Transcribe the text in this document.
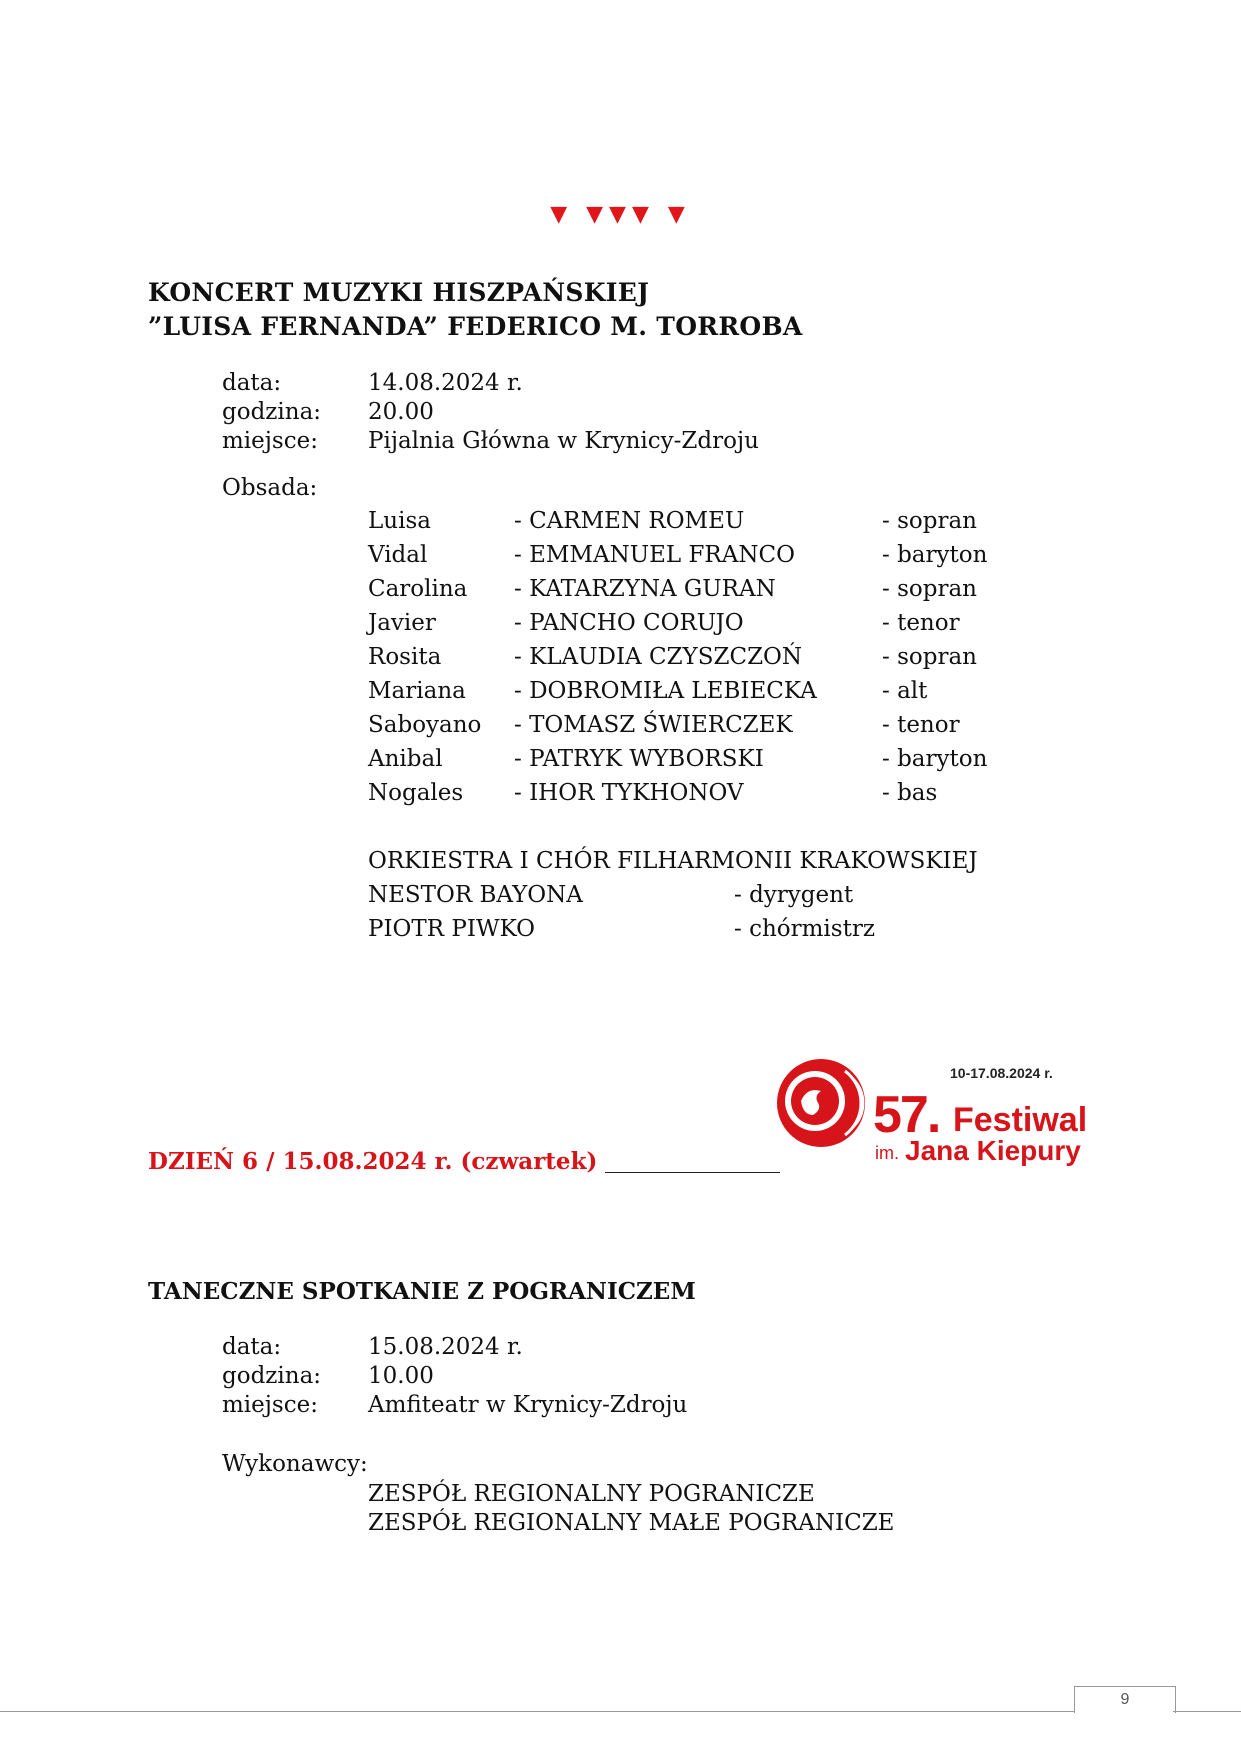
▼ ▼▼▼ ▼
KONCERT MUZYKI HISZPAŃSKIEJ
”LUISA FERNANDA” FEDERICO M. TORROBA
data:	14.08.2024 r.
godzina: 20.00
miejsce: Pijalnia Główna w Krynicy-Zdroju
Obsada:
Luisa	- CARMEN ROMEU	- sopran
Vidal	- EMMANUEL FRANCO	- baryton
Carolina - KATARZYNA GURAN	- sopran
Javier	- PANCHO CORUJO	- tenor
Rosita	- KLAUDIA CZYSZCZOŃ	- sopran
Mariana - DOBROMIŁA LEBIECKA	- alt
Saboyano - TOMASZ ŚWIERCZEK	- tenor
Anibal	- PATRYK WYBORSKI	- baryton
Nogales - IHOR TYKHONOV	- bas
ORKIESTRA I CHÓR FILHARMONII KRAKOWSKIEJ
NESTOR BAYONA	- dyrygent
PIOTR PIWKO	- chórmistrz
10-17.08.2024 r.
57. Festiwal
im. Jana Kiepury
DZIEŃ 6 / 15.08.2024 r. (czwartek)
TANECZNE SPOTKANIE Z POGRANICZEM
data:	15.08.2024 r.
godzina: 10.00
miejsce: Amfiteatr w Krynicy-Zdroju
Wykonawcy:
ZESPÓŁ REGIONALNY POGRANICZE
ZESPÓŁ REGIONALNY MAŁE POGRANICZE
9
